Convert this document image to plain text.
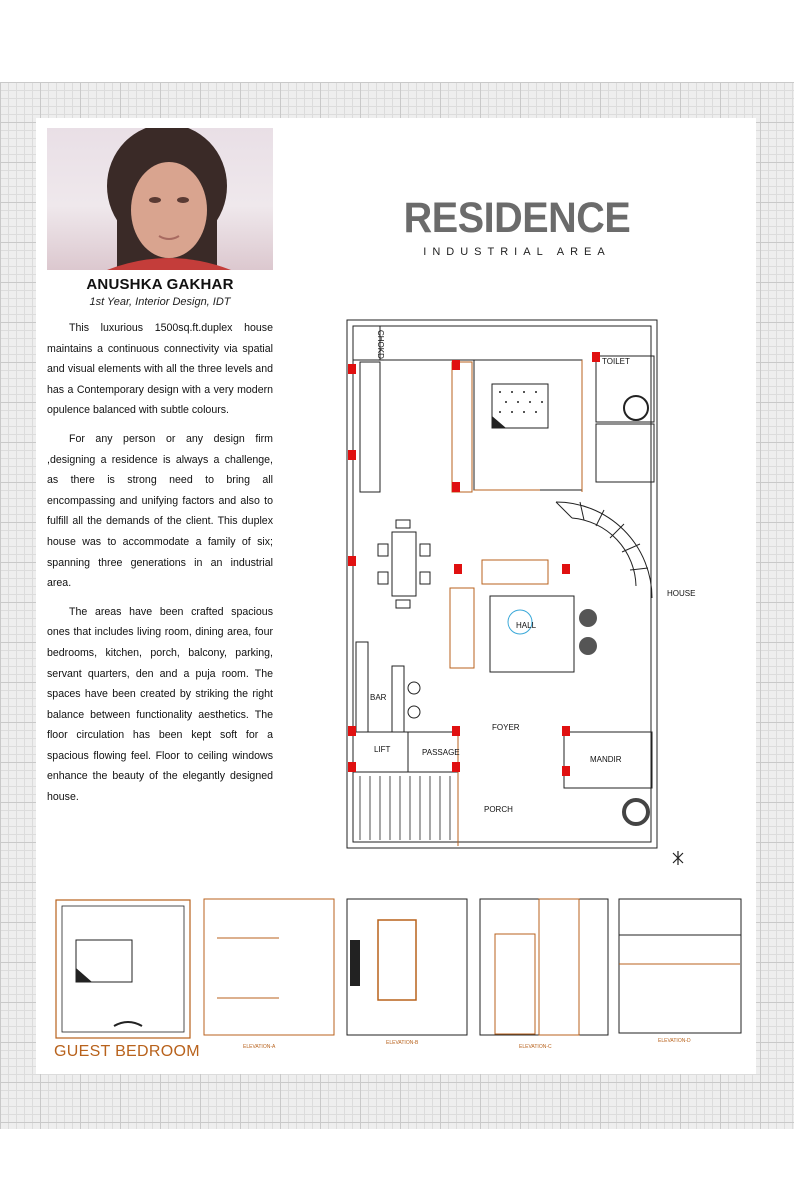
ANUSHKA GAKHAR
1st Year, Interior Design, IDT

This luxurious 1500sq.ft.duplex house maintains a continuous connectivity via spatial and visual elements with all the three levels and has a Contemporary design with a very modern opulence balanced with subtle colours.

For any person or any design firm ,designing a residence is always a challenge, as there is strong need to bring all encompassing and unifying factors and also to fulfill all the demands of the client. This duplex house was to accommodate a family of six; spanning three generations in an industrial area.

The areas have been crafted spacious ones that includes living room, dining area, four bedrooms, kitchen, porch, balcony, parking, servant quarters, den and a puja room. The spaces have been created by striking the right balance between functionality aesthetics. The floor circulation has been kept soft for a spacious flowing feel. Floor to ceiling windows enhance the beauty of the elegantly designed house.

RESIDENCE
INDUSTRIAL AREA
CHOKDI
TOILET
HALL
HOUSE
BAR
FOYER
LIFT	PASSAGE
MANDIR
PORCH
GUEST BEDROOM	ELEVATION-A
ELEVATION-B
ELEVATION-C
ELEVATION-D
